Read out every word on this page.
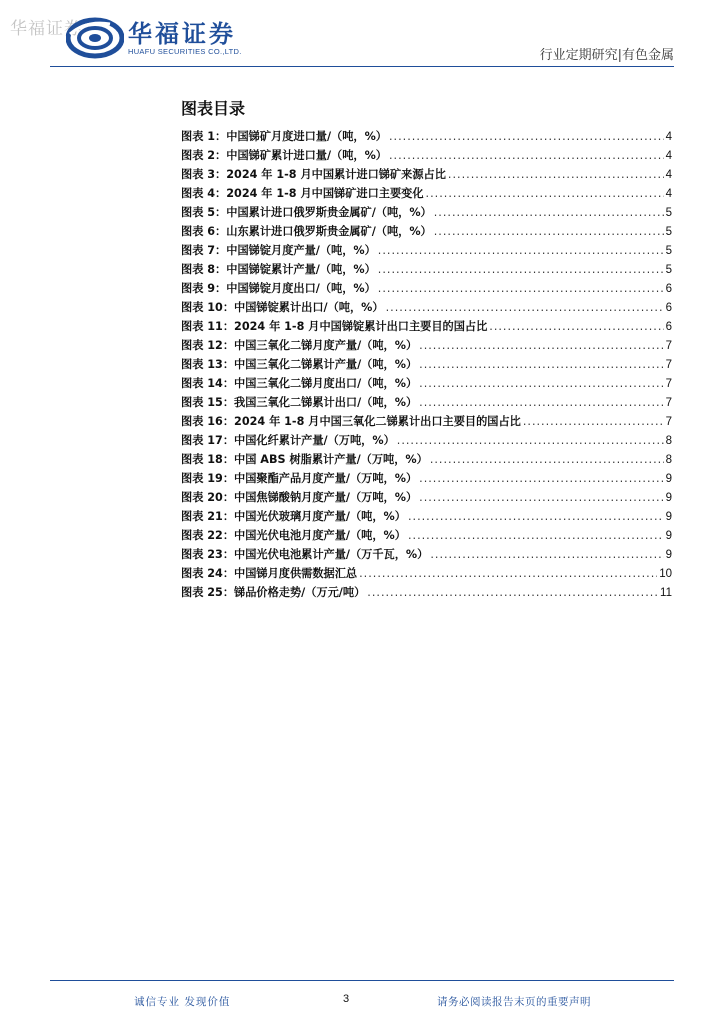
华福证券 华福证券
HUAFU SECURITIES CO.,LTD.	行业定期研究|有色金属
图表目录
图表 1： 中国锑矿月度进口量/（吨，%） .....	4
图表 2： 中国锑矿累计进口量/（吨，%） .....	4
图表 3： 2024 年 1-8 月中国累计进口锑矿来源占比 .....	4
图表 4： 2024 年 1-8 月中国锑矿进口主要变化 .....	4
图表 5： 中国累计进口俄罗斯贵金属矿/（吨，%） .....	5
图表 6： 山东累计进口俄罗斯贵金属矿/（吨，%） .....	5
图表 7： 中国锑锭月度产量/（吨，%） .....	5
图表 8： 中国锑锭累计产量/（吨，%） .....	5
图表 9： 中国锑锭月度出口/（吨，%） .....	6
图表 10： 中国锑锭累计出口/（吨，%） .....	6
图表 11： 2024 年 1-8 月中国锑锭累计出口主要目的国占比 .....	6
图表 12： 中国三氧化二锑月度产量/（吨，%） .....	7
图表 13： 中国三氧化二锑累计产量/（吨，%） .....	7
图表 14： 中国三氧化二锑月度出口/（吨，%） .....	7
图表 15： 我国三氧化二锑累计出口/（吨，%） .....	7
图表 16： 2024 年 1-8 月中国三氧化二锑累计出口主要目的国占比 .....	7
图表 17： 中国化纤累计产量/（万吨，%） .....	8
图表 18： 中国 ABS 树脂累计产量/（万吨，%） .....	8
图表 19： 中国聚酯产品月度产量/（万吨，%） .....	9
图表 20： 中国焦锑酸钠月度产量/（万吨，%） .....	9
图表 21： 中国光伏玻璃月度产量/（吨，%） .....	9
图表 22： 中国光伏电池月度产量/（吨，%） .....	9
图表 23： 中国光伏电池累计产量/（万千瓦，%） .....	9
图表 24： 中国锑月度供需数据汇总 .....	10
图表 25： 锑品价格走势/（万元/吨） .....	11
诚信专业 发现价值	3	请务必阅读报告末页的重要声明
